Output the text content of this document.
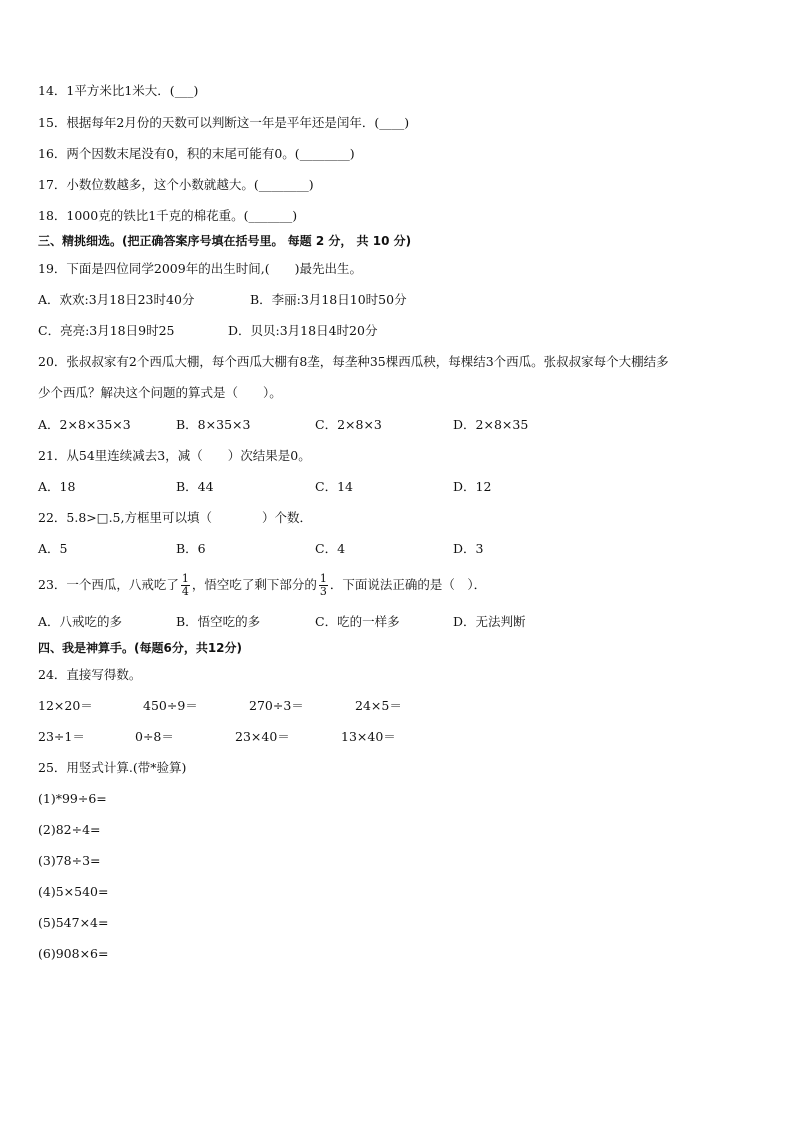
14．1平方米比1米大．(___)
15．根据每年2月份的天数可以判断这一年是平年还是闰年．(____)
16．两个因数末尾没有0，积的末尾可能有0。(________)
17．小数位数越多，这个小数就越大。(________)
18．1000克的铁比1千克的棉花重。(_______)
三、精挑细选。(把正确答案序号填在括号里。 每题 2 分， 共 10 分)
19．下面是四位同学2009年的出生时间,(　　)最先出生。
A．欢欢:3月18日23时40分	B．李丽:3月18日10时50分
C．亮亮:3月18日9时25	D．贝贝:3月18日4时20分
20．张叔叔家有2个西瓜大棚，每个西瓜大棚有8垄，每垄种35棵西瓜秧，每棵结3个西瓜。张叔叔家每个大棚结多
少个西瓜？解决这个问题的算式是（　　）。
A．2×8×35×3	B．8×35×3	C．2×8×3	D．2×8×35
21．从54里连续减去3，减（　　）次结果是0。
A．18	B．44	C．14	D．12
22．5.8>□.5,方框里可以填（　　　　）个数．
A．5	B．6	C．4	D．3
23．一个西瓜，八戒吃了 $\frac{1}{4}$ ，悟空吃了剩下部分的 $\frac{1}{3}$ ．下面说法正确的是（　）．
A．八戒吃的多	B．悟空吃的多	C．吃的一样多	D．无法判断
四、我是神算手。(每题6分，共12分)
24．直接写得数。
12×20＝	450÷9＝	270÷3＝	24×5＝
23÷1＝	0÷8＝	23×40＝	13×40＝
25．用竖式计算.(带*验算)
(1)*99÷6=
(2)82÷4=
(3)78÷3=
(4)5×540=
(5)547×4=
(6)908×6=
